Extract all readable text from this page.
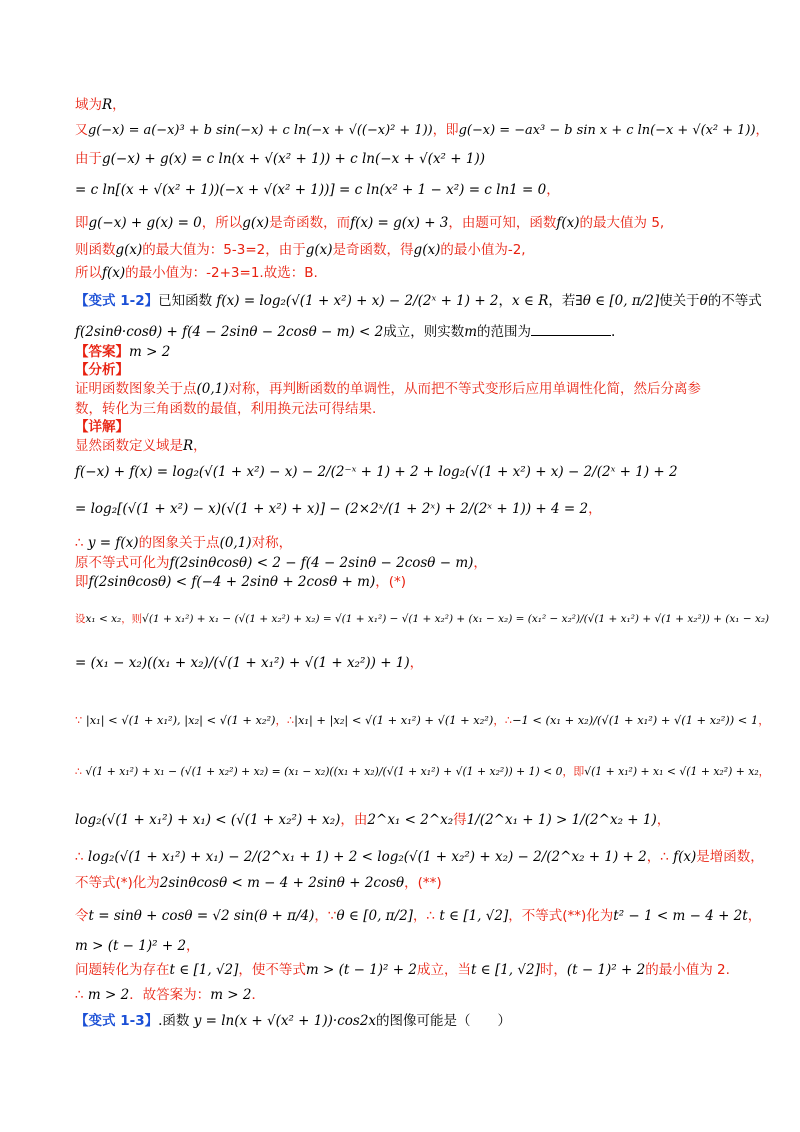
域为R，
又g(−x) = a(−x)³ + b sin(−x) + c ln(−x + √((−x)² + 1))，即g(−x) = −ax³ − b sin x + c ln(−x + √(x² + 1))，
由于g(−x) + g(x) = c ln(x + √(x² + 1)) + c ln(−x + √(x² + 1))
= c ln[(x + √(x² + 1))(−x + √(x² + 1))] = c ln(x² + 1 − x²) = c ln1 = 0，
即g(−x) + g(x) = 0，所以g(x)是奇函数，而f(x) = g(x) + 3，由题可知，函数f(x)的最大值为 5,
则函数g(x)的最大值为：5-3=2，由于g(x)是奇函数，得g(x)的最小值为-2,
所以f(x)的最小值为：-2+3=1.故选：B.
【变式 1-2】已知函数 f(x) = log₂(√(1 + x²) + x) − 2/(2ˣ + 1) + 2，x ∈ R，若∃θ ∈ [0, π/2]使关于θ的不等式
f(2sinθ·cosθ) + f(4 − 2sinθ − 2cosθ − m) < 2成立，则实数m的范围为	.
【答案】m > 2
【分析】
证明函数图象关于点(0,1)对称，再判断函数的单调性，从而把不等式变形后应用单调性化简，然后分离参
数，转化为三角函数的最值，利用换元法可得结果.
【详解】
显然函数定义域是R，
f(−x) + f(x) = log₂(√(1 + x²) − x) − 2/(2⁻ˣ + 1) + 2 + log₂(√(1 + x²) + x) − 2/(2ˣ + 1) + 2
= log₂[(√(1 + x²) − x)(√(1 + x²) + x)] − (2×2ˣ/(1 + 2ˣ) + 2/(2ˣ + 1)) + 4 = 2，
∴ y = f(x)的图象关于点(0,1)对称，
原不等式可化为f(2sinθcosθ) < 2 − f(4 − 2sinθ − 2cosθ − m)，
即f(2sinθcosθ) < f(−4 + 2sinθ + 2cosθ + m)，(*)
设x₁ < x₂，则√(1 + x₁²) + x₁ − (√(1 + x₂²) + x₂) = √(1 + x₁²) − √(1 + x₂²) + (x₁ − x₂) = (x₁² − x₂²)/(√(1 + x₁²) + √(1 + x₂²)) + (x₁ − x₂)
= (x₁ − x₂)((x₁ + x₂)/(√(1 + x₁²) + √(1 + x₂²)) + 1)，
∵ |x₁| < √(1 + x₁²), |x₂| < √(1 + x₂²)，∴|x₁| + |x₂| < √(1 + x₁²) + √(1 + x₂²)，∴−1 < (x₁ + x₂)/(√(1 + x₁²) + √(1 + x₂²)) < 1，
∴ √(1 + x₁²) + x₁ − (√(1 + x₂²) + x₂) = (x₁ − x₂)((x₁ + x₂)/(√(1 + x₁²) + √(1 + x₂²)) + 1) < 0，即√(1 + x₁²) + x₁ < √(1 + x₂²) + x₂，
log₂(√(1 + x₁²) + x₁) < (√(1 + x₂²) + x₂)，由2^x₁ < 2^x₂得1/(2^x₁ + 1) > 1/(2^x₂ + 1)，
∴ log₂(√(1 + x₁²) + x₁) − 2/(2^x₁ + 1) + 2 < log₂(√(1 + x₂²) + x₂) − 2/(2^x₂ + 1) + 2，∴ f(x)是增函数，
不等式(*)化为2sinθcosθ < m − 4 + 2sinθ + 2cosθ，(**)
令t = sinθ + cosθ = √2 sin(θ + π/4)，∵θ ∈ [0, π/2]，∴ t ∈ [1, √2]，不等式(**)化为t² − 1 < m − 4 + 2t，
m > (t − 1)² + 2，
问题转化为存在t ∈ [1, √2]，使不等式m > (t − 1)² + 2成立，当t ∈ [1, √2]时，(t − 1)² + 2的最小值为 2.
∴ m > 2．故答案为：m > 2．
【变式 1-3】.函数 y = ln(x + √(x² + 1))·cos2x的图像可能是（　　）
